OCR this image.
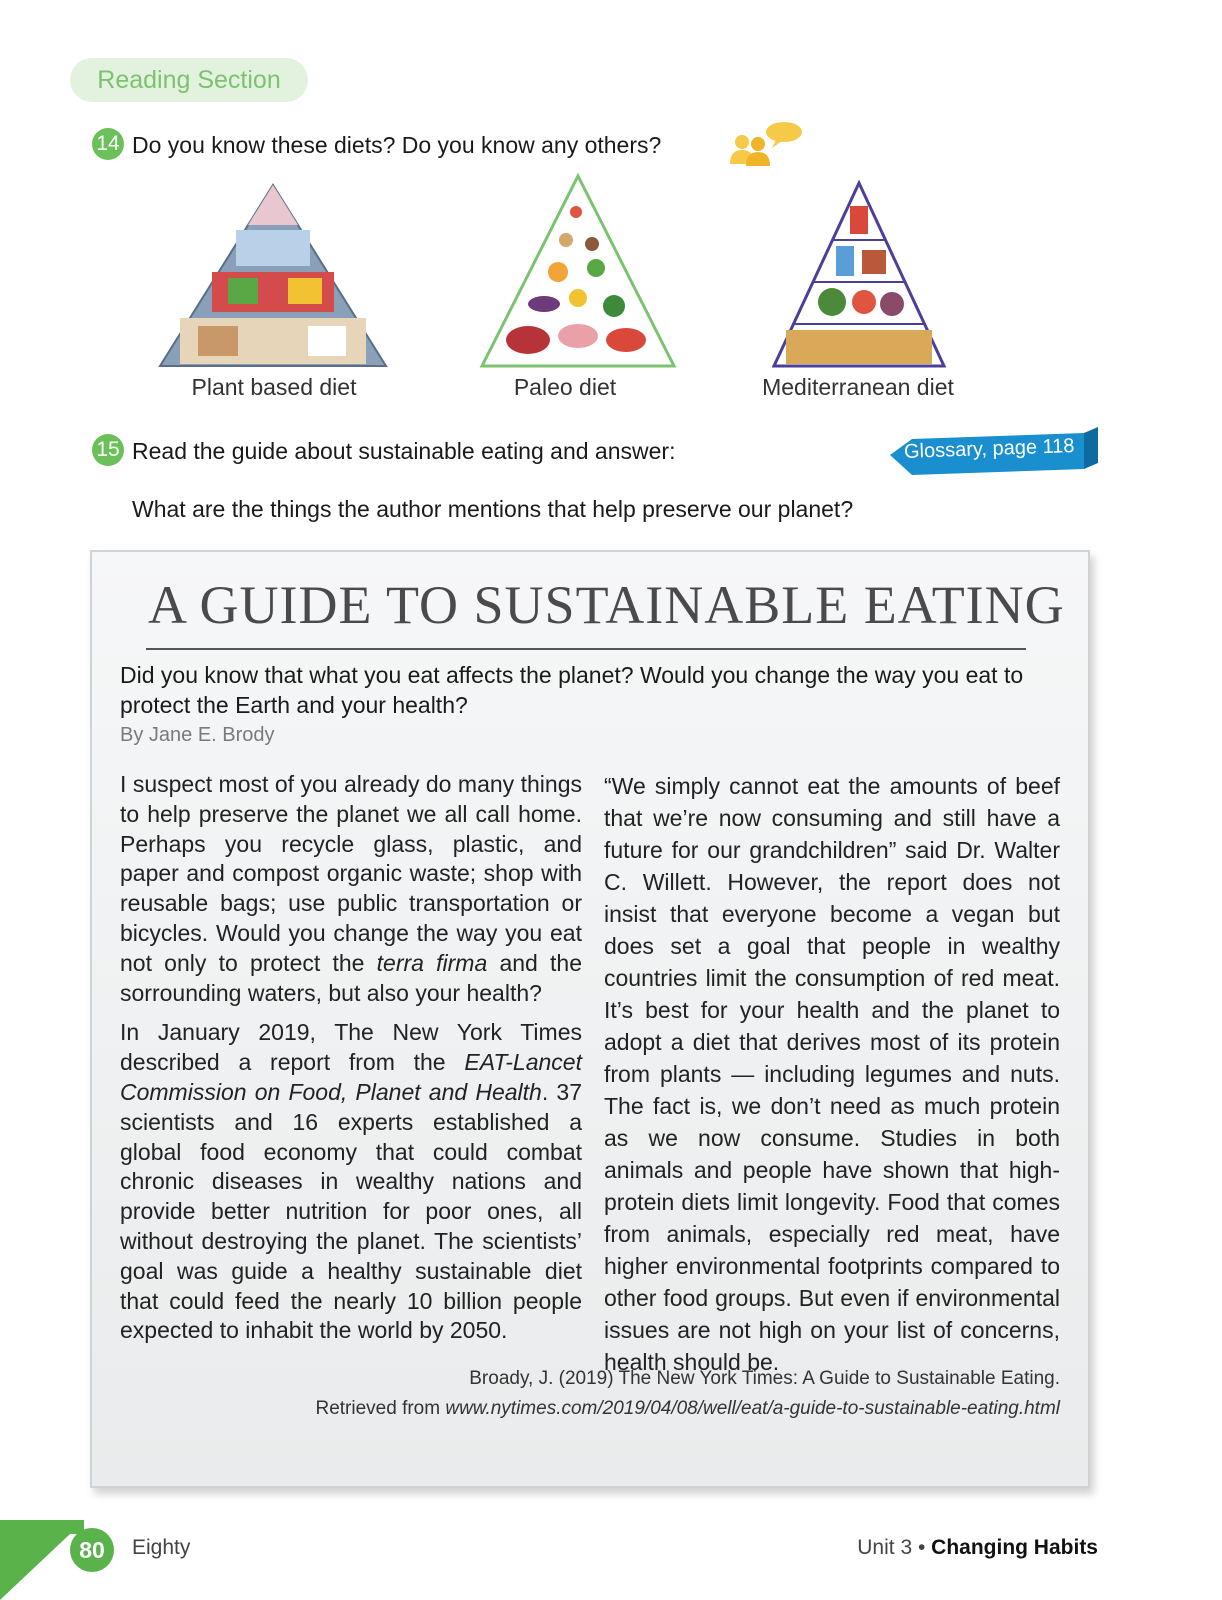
Reading Section
14 Do you know these diets? Do you know any others?
Plant based diet	Paleo diet	Mediterranean diet
15 Read the guide about sustainable eating and answer:
What are the things the author mentions that help preserve our planet?
Glossary, page 118
A GUIDE TO SUSTAINABLE EATING
Did you know that what you eat affects the planet? Would you change the way you eat to protect the Earth and your health?
By Jane E. Brody

I suspect most of you already do many things to help preserve the planet we all call home. Perhaps you recycle glass, plastic, and paper and compost organic waste; shop with reusable bags; use public transportation or bicycles. Would you change the way you eat not only to protect the terra firma and the sorrounding waters, but also your health?

In January 2019, The New York Times described a report from the EAT-Lancet Commission on Food, Planet and Health. 37 scientists and 16 experts established a global food economy that could combat chronic diseases in wealthy nations and provide better nutrition for poor ones, all without destroying the planet. The scientists’ goal was guide a healthy sustainable diet that could feed the nearly 10 billion people expected to inhabit the world by 2050.

“We simply cannot eat the amounts of beef that we’re now consuming and still have a future for our grandchildren” said Dr. Walter C. Willett. However, the report does not insist that everyone become a vegan but does set a goal that people in wealthy countries limit the consumption of red meat. It’s best for your health and the planet to adopt a diet that derives most of its protein from plants — including legumes and nuts. The fact is, we don’t need as much protein as we now consume. Studies in both animals and people have shown that high-protein diets limit longevity. Food that comes from animals, especially red meat, have higher environmental footprints compared to other food groups. But even if environmental issues are not high on your list of concerns, health should be.

Broady, J. (2019) The New York Times: A Guide to Sustainable Eating.
Retrieved from www.nytimes.com/2019/04/08/well/eat/a-guide-to-sustainable-eating.html
80	Eighty	Unit 3 • Changing Habits
